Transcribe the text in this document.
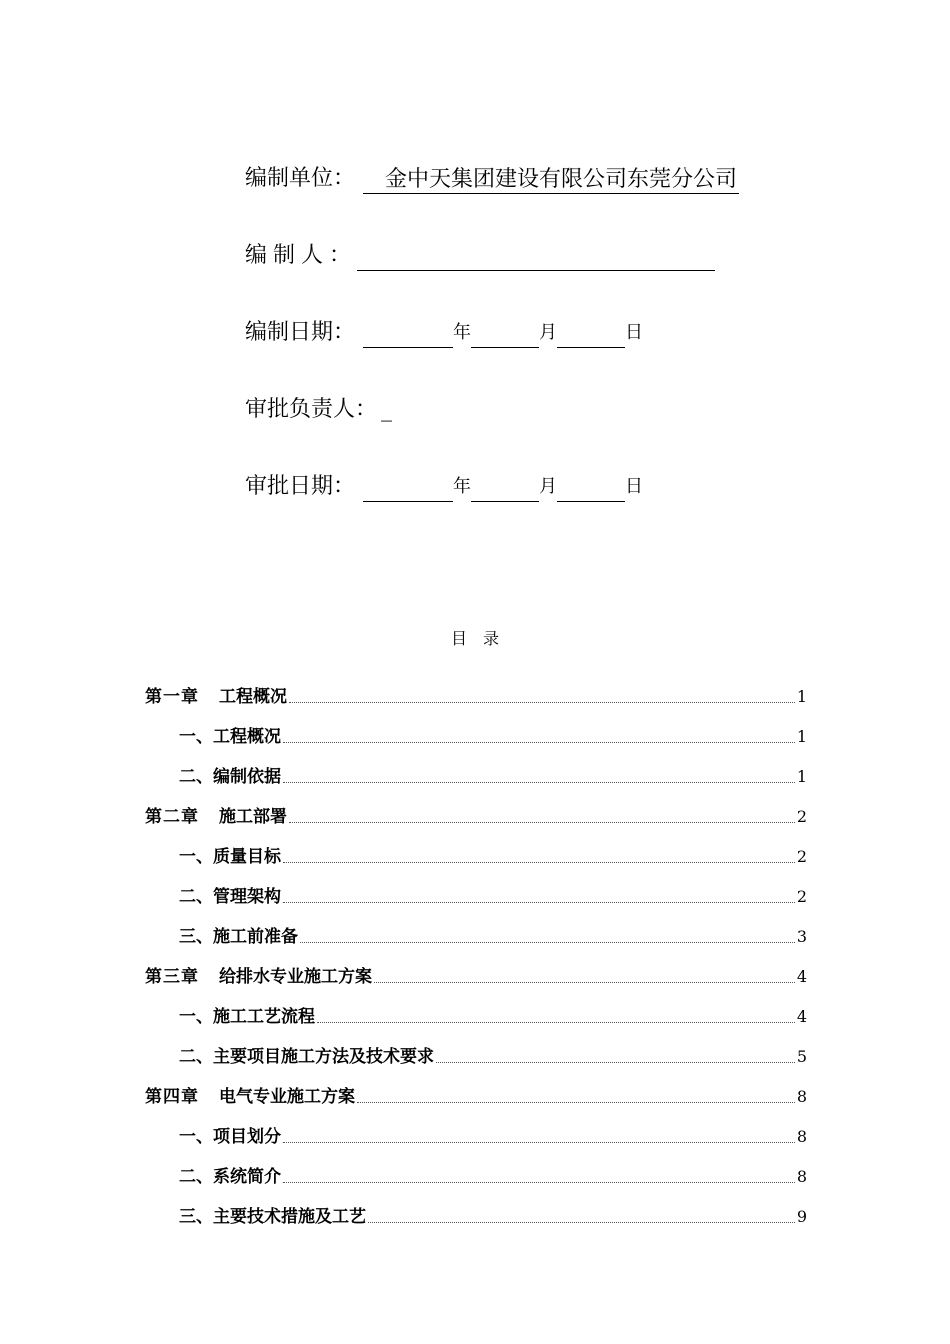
编制单位：	金中天集团建设有限公司东莞分公司
编制人：
编制日期：	年	月	日
审批负责人： _
审批日期：	年	月	日
目录
第一章 工程概况	1
一、工程概况	1
二、编制依据	1
第二章 施工部署	2
一、质量目标	2
二、管理架构	2
三、施工前准备	3
第三章 给排水专业施工方案	4
一、施工工艺流程	4
二、主要项目施工方法及技术要求	5
第四章 电气专业施工方案	8
一、项目划分	8
二、系统简介	8
三、主要技术措施及工艺	9
